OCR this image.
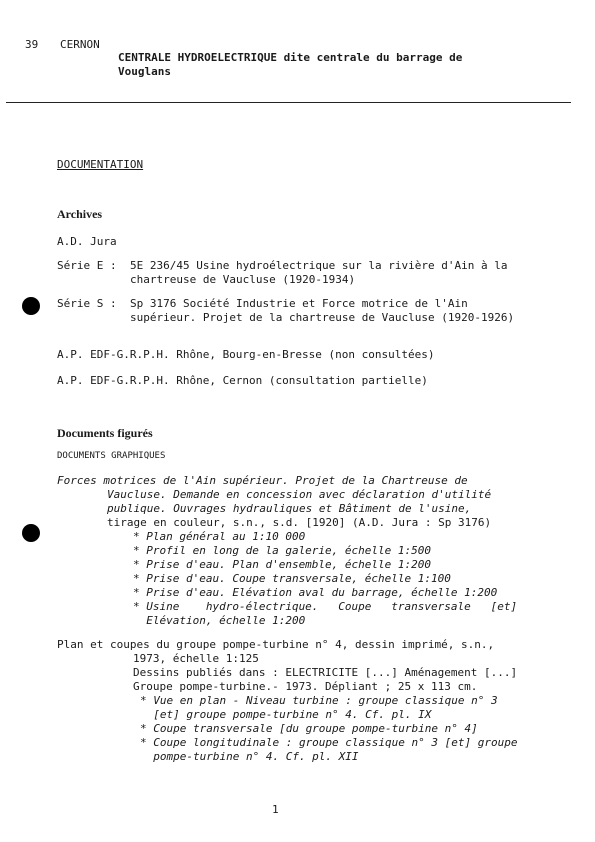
39 CERNON
CENTRALE HYDROELECTRIQUE dite centrale du barrage de
Vouglans
DOCUMENTATION
Archives
A.D. Jura
Série E : 5E 236/45 Usine hydroélectrique sur la rivière d'Ain à la
chartreuse de Vaucluse (1920-1934)
Série S : Sp 3176 Société Industrie et Force motrice de l'Ain
supérieur. Projet de la chartreuse de Vaucluse (1920-1926)
A.P. EDF-G.R.P.H. Rhône, Bourg-en-Bresse (non consultées)
A.P. EDF-G.R.P.H. Rhône, Cernon (consultation partielle)
Documents figurés
DOCUMENTS GRAPHIQUES
Forces motrices de l'Ain supérieur. Projet de la Chartreuse de
Vaucluse. Demande en concession avec déclaration d'utilité
publique. Ouvrages hydrauliques et Bâtiment de l'usine,
tirage en couleur, s.n., s.d. [1920] (A.D. Jura : Sp 3176)
* Plan général au 1:10 000
* Profil en long de la galerie, échelle 1:500
* Prise d'eau. Plan d'ensemble, échelle 1:200
* Prise d'eau. Coupe transversale, échelle 1:100
* Prise d'eau. Elévation aval du barrage, échelle 1:200
* Usine    hydro-électrique.   Coupe   transversale   [et]
Elévation, échelle 1:200
Plan et coupes du groupe pompe-turbine n° 4, dessin imprimé, s.n.,
1973, échelle 1:125
Dessins publiés dans : ELECTRICITE [...] Aménagement [...]
Groupe pompe-turbine.- 1973. Dépliant ; 25 x 113 cm.
* Vue en plan - Niveau turbine : groupe classique n° 3
[et] groupe pompe-turbine n° 4. Cf. pl. IX
* Coupe transversale [du groupe pompe-turbine n° 4]
* Coupe longitudinale : groupe classique n° 3 [et] groupe
pompe-turbine n° 4. Cf. pl. XII
1
